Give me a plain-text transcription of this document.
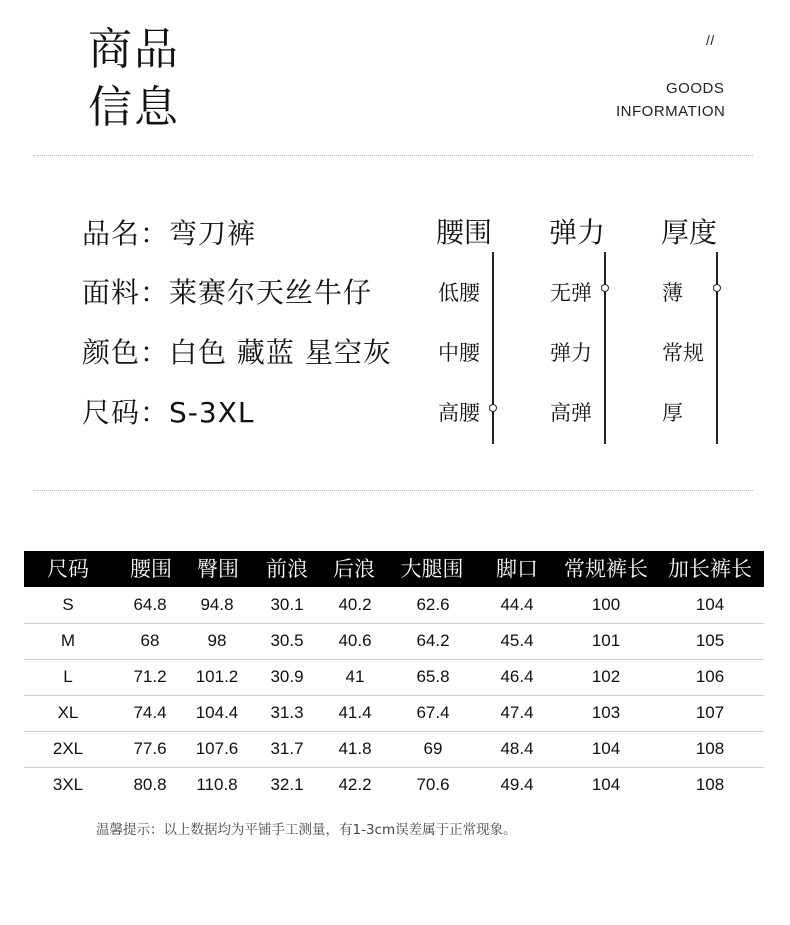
商品
信息
//
GOODS
INFORMATION
品名：弯刀裤
面料：莱赛尔天丝牛仔
颜色：白色 藏蓝 星空灰
尺码：S-3XL
腰围
低腰
中腰
高腰
弹力
无弹
弹力
高弹
厚度
薄
常规
厚
尺码	腰围	臀围	前浪	后浪	大腿围	脚口	常规裤长 加长裤长
S	64.8	94.8	30.1	40.2	62.6	44.4	100	104
M	68	98	30.5	40.6	64.2	45.4	101	105
L	71.2	101.2	30.9	41	65.8	46.4	102	106
XL	74.4	104.4	31.3	41.4	67.4	47.4	103	107
2XL	77.6	107.6	31.7	41.8	69	48.4	104	108
3XL	80.8	110.8	32.1	42.2	70.6	49.4	104	108
温馨提示：以上数据均为平铺手工测量，有1-3cm误差属于正常现象。
